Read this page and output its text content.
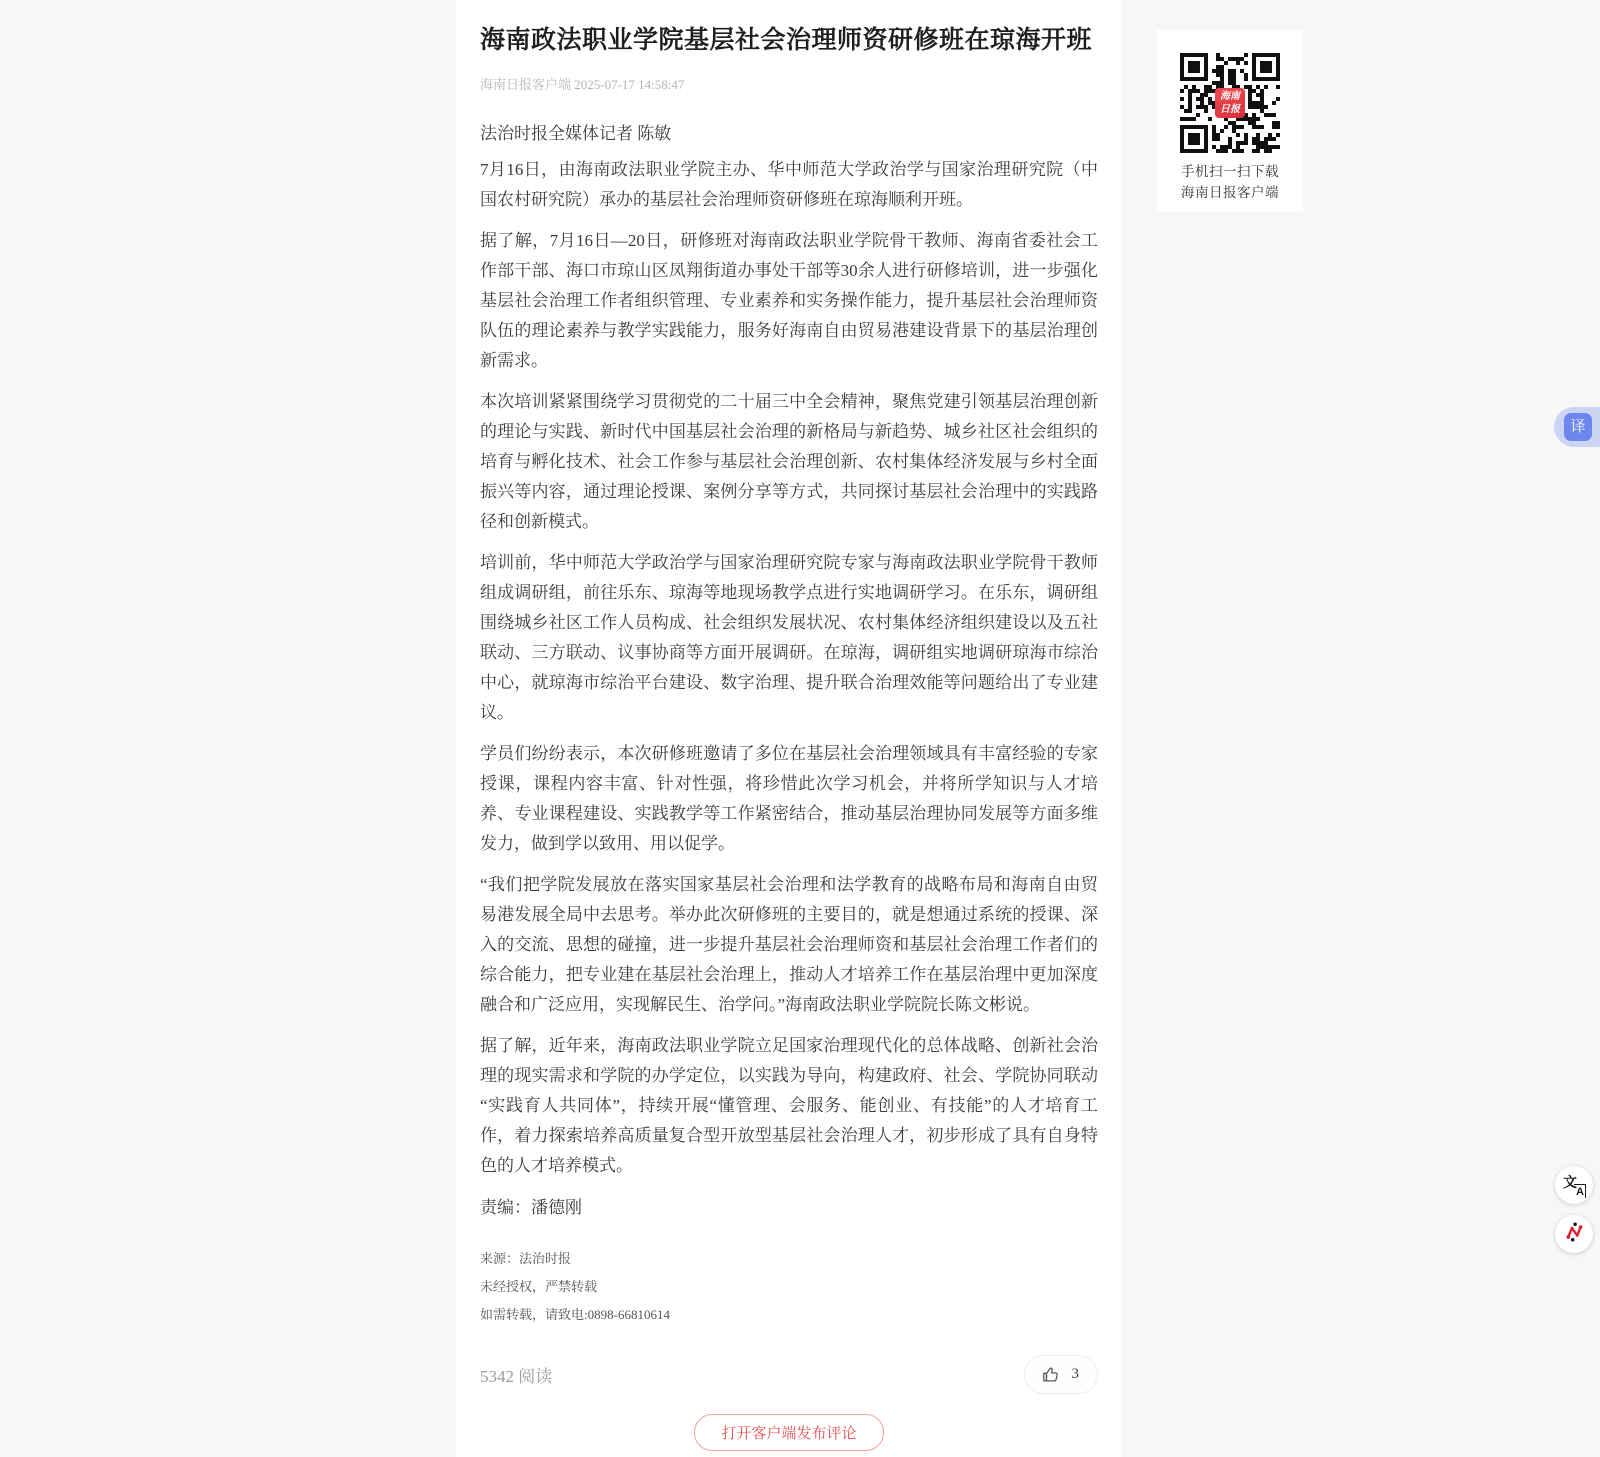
海南政法职业学院基层社会治理师资研修班在琼海开班
海南日报客户端 2025-07-17 14:58:47
法治时报全媒体记者 陈敏

7月16日，由海南政法职业学院主办、华中师范大学政治学与国家治理研究院（中国农村研究院）承办的基层社会治理师资研修班在琼海顺利开班。

据了解，7月16日—20日，研修班对海南政法职业学院骨干教师、海南省委社会工作部干部、海口市琼山区凤翔街道办事处干部等30余人进行研修培训，进一步强化基层社会治理工作者组织管理、专业素养和实务操作能力，提升基层社会治理师资队伍的理论素养与教学实践能力，服务好海南自由贸易港建设背景下的基层治理创新需求。

本次培训紧紧围绕学习贯彻党的二十届三中全会精神，聚焦党建引领基层治理创新的理论与实践、新时代中国基层社会治理的新格局与新趋势、城乡社区社会组织的培育与孵化技术、社会工作参与基层社会治理创新、农村集体经济发展与乡村全面振兴等内容，通过理论授课、案例分享等方式，共同探讨基层社会治理中的实践路径和创新模式。

培训前，华中师范大学政治学与国家治理研究院专家与海南政法职业学院骨干教师组成调研组，前往乐东、琼海等地现场教学点进行实地调研学习。在乐东，调研组围绕城乡社区工作人员构成、社会组织发展状况、农村集体经济组织建设以及五社联动、三方联动、议事协商等方面开展调研。在琼海，调研组实地调研琼海市综治中心，就琼海市综治平台建设、数字治理、提升联合治理效能等问题给出了专业建议。

学员们纷纷表示，本次研修班邀请了多位在基层社会治理领域具有丰富经验的专家授课，课程内容丰富、针对性强，将珍惜此次学习机会，并将所学知识与人才培养、专业课程建设、实践教学等工作紧密结合，推动基层治理协同发展等方面多维发力，做到学以致用、用以促学。

“我们把学院发展放在落实国家基层社会治理和法学教育的战略布局和海南自由贸易港发展全局中去思考。举办此次研修班的主要目的，就是想通过系统的授课、深入的交流、思想的碰撞，进一步提升基层社会治理师资和基层社会治理工作者们的综合能力，把专业建在基层社会治理上，推动人才培养工作在基层治理中更加深度融合和广泛应用，实现解民生、治学问。”海南政法职业学院院长陈文彬说。

据了解，近年来，海南政法职业学院立足国家治理现代化的总体战略、创新社会治理的现实需求和学院的办学定位，以实践为导向，构建政府、社会、学院协同联动“实践育人共同体”，持续开展“懂管理、会服务、能创业、有技能”的人才培育工作，着力探索培养高质量复合型开放型基层社会治理人才，初步形成了具有自身特色的人才培养模式。

责编：潘德刚
来源：法治时报
未经授权，严禁转载
如需转载，请致电:0898-66810614
5342 阅读	3
打开客户端发布评论
海南
日报
手机扫一扫下载
海南日报客户端
译
文
A
